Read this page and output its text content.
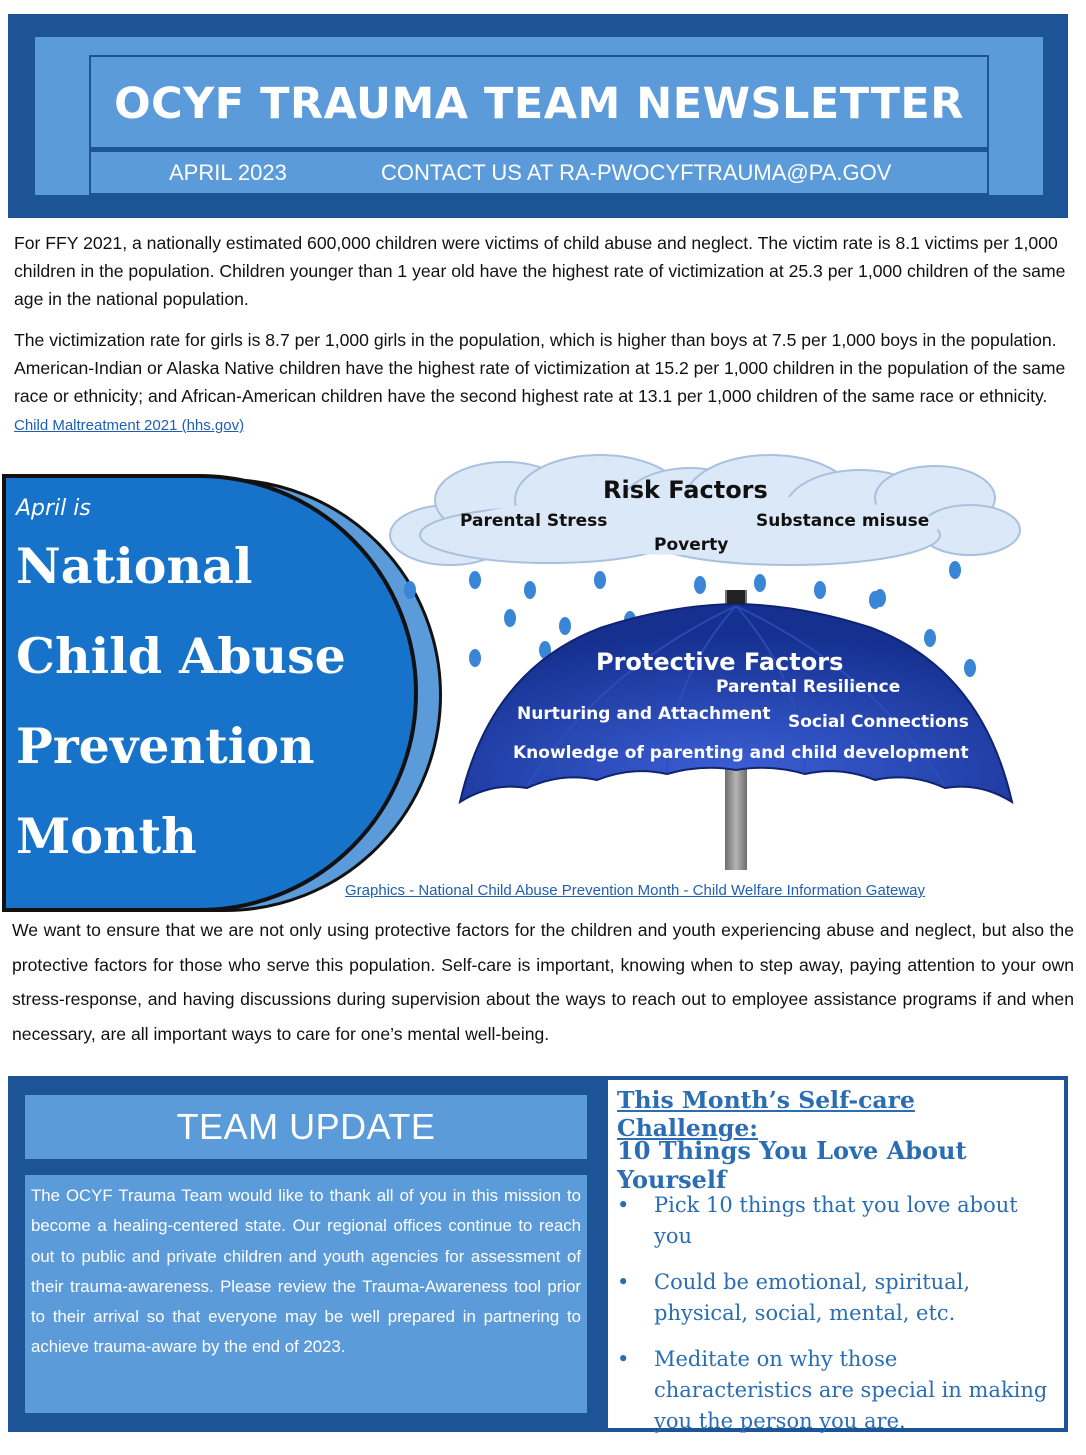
OCYF TRAUMA TEAM NEWSLETTER
APRIL 2023	CONTACT US AT RA-PWOCYFTRAUMA@PA.GOV

For FFY 2021, a nationally estimated 600,000 children were victims of child abuse and neglect. The victim rate is 8.1 victims per 1,000 children in the population. Children younger than 1 year old have the highest rate of victimization at 25.3 per 1,000 children of the same age in the national population.

The victimization rate for girls is 8.7 per 1,000 girls in the population, which is higher than boys at 7.5 per 1,000 boys in the population. American-Indian or Alaska Native children have the highest rate of victimization at 15.2 per 1,000 children in the population of the same race or ethnicity; and African-American children have the second highest rate at 13.1 per 1,000 children of the same race or ethnicity. Child Maltreatment 2021 (hhs.gov)

April is
National
Child Abuse
Prevention
Month
Risk Factors
Parental Stress	Substance misuse
Poverty
Protective Factors
Parental Resilience
Nurturing and Attachment Social Connections
Knowledge of parenting and child development
Graphics - National Child Abuse Prevention Month - Child Welfare Information Gateway

We want to ensure that we are not only using protective factors for the children and youth experiencing abuse and neglect, but also the protective factors for those who serve this population. Self-care is important, knowing when to step away, paying attention to your own stress-response, and having discussions during supervision about the ways to reach out to employee assistance programs if and when necessary, are all important ways to care for one’s mental well-being.

TEAM UPDATE
The OCYF Trauma Team would like to thank all of you in this mission to become a healing-centered state. Our regional offices continue to reach out to public and private children and youth agencies for assessment of their trauma-awareness. Please review the Trauma-Awareness tool prior to their arrival so that everyone may be well prepared in partnering to achieve trauma-aware by the end of 2023.
This Month’s Self-care Challenge:
10 Things You Love About Yourself
• Pick 10 things that you love about you
• Could be emotional, spiritual, physical, social, mental, etc.
• Meditate on why those characteristics are special in making you the person you are.
